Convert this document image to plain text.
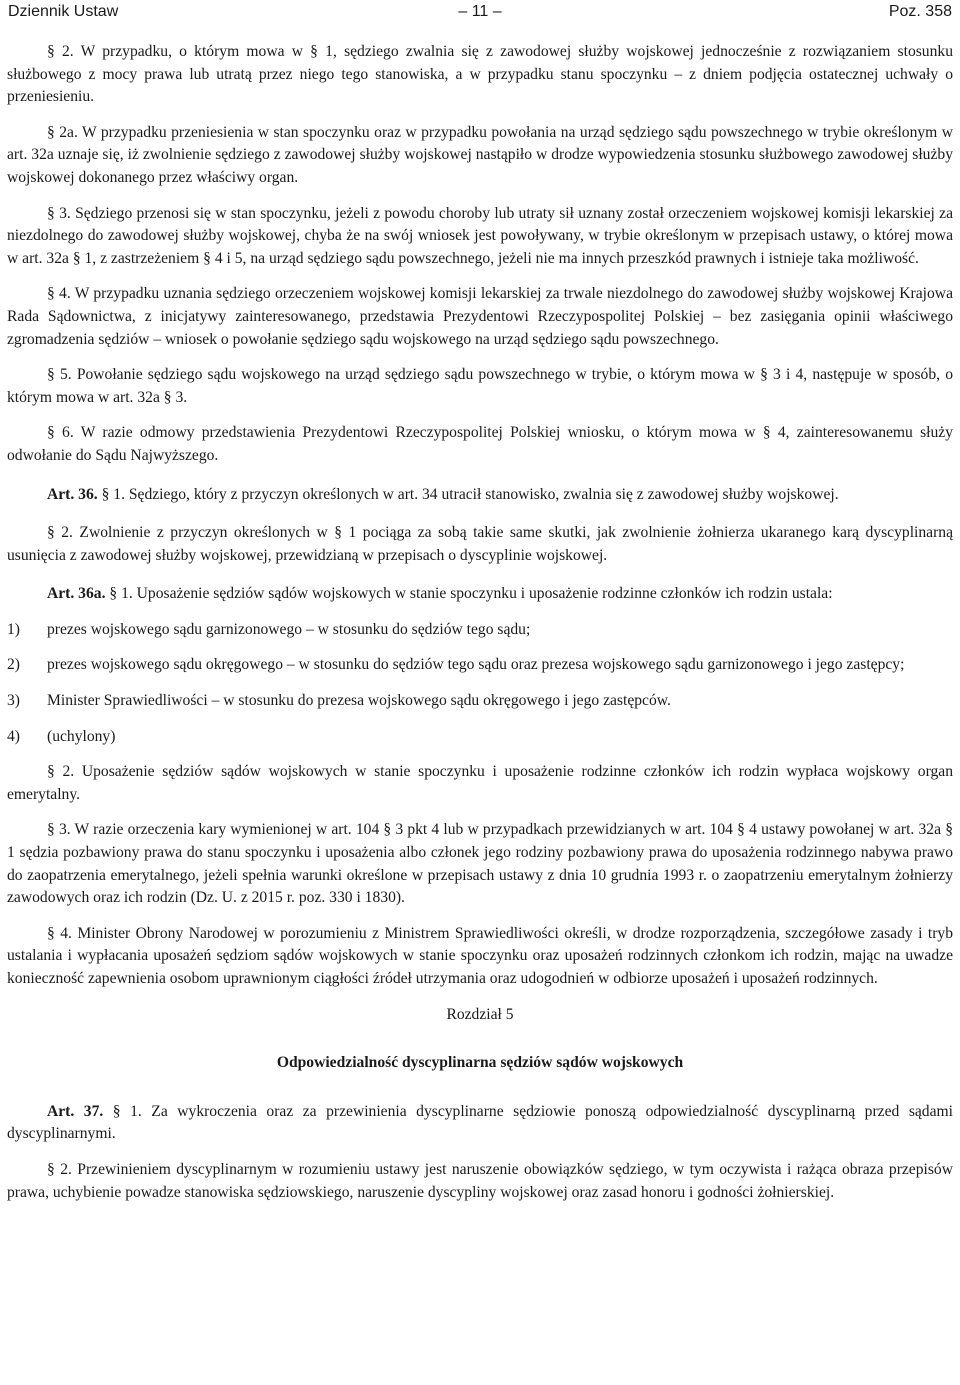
Dziennik Ustaw	– 11 –	Poz. 358

§ 2. W przypadku, o którym mowa w § 1, sędziego zwalnia się z zawodowej służby wojskowej jednocześnie z rozwiązaniem stosunku służbowego z mocy prawa lub utratą przez niego tego stanowiska, a w przypadku stanu spoczynku – z dniem podjęcia ostatecznej uchwały o przeniesieniu.

§ 2a. W przypadku przeniesienia w stan spoczynku oraz w przypadku powołania na urząd sędziego sądu powszechnego w trybie określonym w art. 32a uznaje się, iż zwolnienie sędziego z zawodowej służby wojskowej nastąpiło w drodze wypowiedzenia stosunku służbowego zawodowej służby wojskowej dokonanego przez właściwy organ.

§ 3. Sędziego przenosi się w stan spoczynku, jeżeli z powodu choroby lub utraty sił uznany został orzeczeniem wojskowej komisji lekarskiej za niezdolnego do zawodowej służby wojskowej, chyba że na swój wniosek jest powoływany, w trybie określonym w przepisach ustawy, o której mowa w art. 32a § 1, z zastrzeżeniem § 4 i 5, na urząd sędziego sądu powszechnego, jeżeli nie ma innych przeszkód prawnych i istnieje taka możliwość.

§ 4. W przypadku uznania sędziego orzeczeniem wojskowej komisji lekarskiej za trwale niezdolnego do zawodowej służby wojskowej Krajowa Rada Sądownictwa, z inicjatywy zainteresowanego, przedstawia Prezydentowi Rzeczypospolitej Polskiej – bez zasięgania opinii właściwego zgromadzenia sędziów – wniosek o powołanie sędziego sądu wojskowego na urząd sędziego sądu powszechnego.

§ 5. Powołanie sędziego sądu wojskowego na urząd sędziego sądu powszechnego w trybie, o którym mowa w § 3 i 4, następuje w sposób, o którym mowa w art. 32a § 3.

§ 6. W razie odmowy przedstawienia Prezydentowi Rzeczypospolitej Polskiej wniosku, o którym mowa w § 4, zainteresowanemu służy odwołanie do Sądu Najwyższego.

Art. 36. § 1. Sędziego, który z przyczyn określonych w art. 34 utracił stanowisko, zwalnia się z zawodowej służby wojskowej.

§ 2. Zwolnienie z przyczyn określonych w § 1 pociąga za sobą takie same skutki, jak zwolnienie żołnierza ukaranego karą dyscyplinarną usunięcia z zawodowej służby wojskowej, przewidzianą w przepisach o dyscyplinie wojskowej.

Art. 36a. § 1. Uposażenie sędziów sądów wojskowych w stanie spoczynku i uposażenie rodzinne członków ich rodzin ustala:

1) prezes wojskowego sądu garnizonowego – w stosunku do sędziów tego sądu;

2) prezes wojskowego sądu okręgowego – w stosunku do sędziów tego sądu oraz prezesa wojskowego sądu garnizonowego i jego zastępcy;

3) Minister Sprawiedliwości – w stosunku do prezesa wojskowego sądu okręgowego i jego zastępców.

4) (uchylony)

§ 2. Uposażenie sędziów sądów wojskowych w stanie spoczynku i uposażenie rodzinne członków ich rodzin wypłaca wojskowy organ emerytalny.

§ 3. W razie orzeczenia kary wymienionej w art. 104 § 3 pkt 4 lub w przypadkach przewidzianych w art. 104 § 4 ustawy powołanej w art. 32a § 1 sędzia pozbawiony prawa do stanu spoczynku i uposażenia albo członek jego rodziny pozbawiony prawa do uposażenia rodzinnego nabywa prawo do zaopatrzenia emerytalnego, jeżeli spełnia warunki określone w przepisach ustawy z dnia 10 grudnia 1993 r. o zaopatrzeniu emerytalnym żołnierzy zawodowych oraz ich rodzin (Dz. U. z 2015 r. poz. 330 i 1830).

§ 4. Minister Obrony Narodowej w porozumieniu z Ministrem Sprawiedliwości określi, w drodze rozporządzenia, szczegółowe zasady i tryb ustalania i wypłacania uposażeń sędziom sądów wojskowych w stanie spoczynku oraz uposażeń rodzinnych członkom ich rodzin, mając na uwadze konieczność zapewnienia osobom uprawnionym ciągłości źródeł utrzymania oraz udogodnień w odbiorze uposażeń i uposażeń rodzinnych.

Rozdział 5

Odpowiedzialność dyscyplinarna sędziów sądów wojskowych

Art. 37. § 1. Za wykroczenia oraz za przewinienia dyscyplinarne sędziowie ponoszą odpowiedzialność dyscyplinarną przed sądami dyscyplinarnymi.

§ 2. Przewinieniem dyscyplinarnym w rozumieniu ustawy jest naruszenie obowiązków sędziego, w tym oczywista i rażąca obraza przepisów prawa, uchybienie powadze stanowiska sędziowskiego, naruszenie dyscypliny wojskowej oraz zasad honoru i godności żołnierskiej.
